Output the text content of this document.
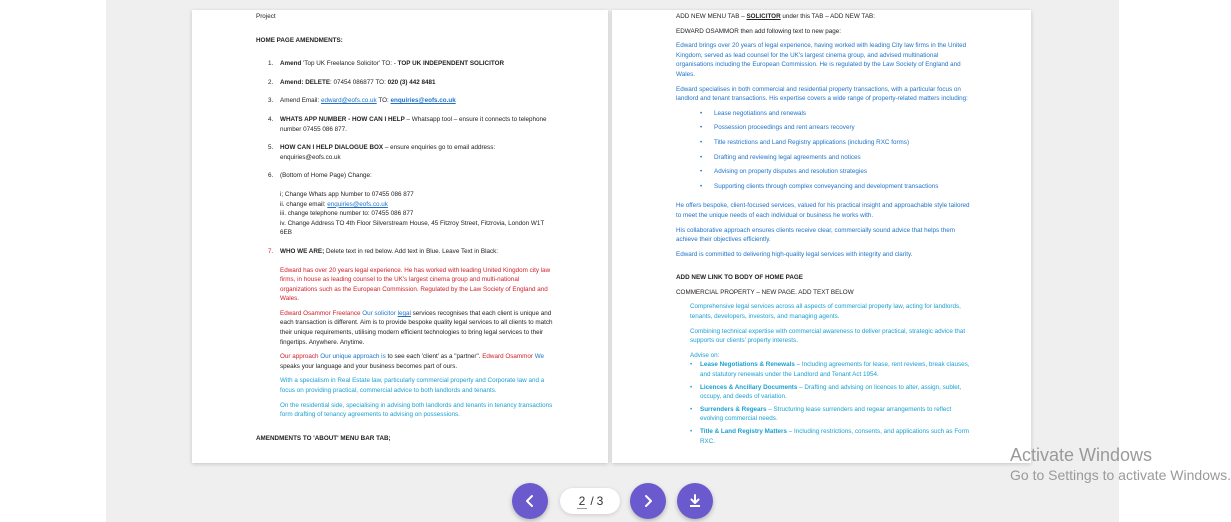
Project

HOME PAGE AMENDMENTS:

1. Amend 'Top UK Freelance Solicitor' TO: - TOP UK INDEPENDENT SOLICITOR
2. Amend: DELETE: 07454 086877 TO: 020 (3) 442 8481
3. Amend Email: edward@eofs.co.uk TO: enquiries@eofs.co.uk
4. WHATS APP NUMBER - HOW CAN I HELP – Whatsapp tool – ensure it connects to telephone number 07455 086 877.
5. HOW CAN I HELP DIALOGUE BOX – ensure enquiries go to email address: enquiries@eofs.co.uk
6. (Bottom of Home Page) Change:

i; Change Whats app Number to 07455 086 877

ii. change email: enquiries@eofs.co.uk

iii. change telephone number to: 07455 086 877

iv. Change Address TO 4th Floor Silverstream House, 45 Fitzroy Street, Fitzrovia, London W1T 6EB

7. WHO WE ARE; Delete text in red below. Add text in Blue. Leave Text in Black:

Edward has over 20 years legal experience. He has worked with leading United Kingdom city law firms, in house as leading counsel to the UK's largest cinema group and multi-national organizations such as the European Commission. Regulated by the Law Society of England and Wales.

Edward Osammor Freelance Our solicitor legal services recognises that each client is unique and each transaction is different. Aim is to provide bespoke quality legal services to all clients to match their unique requirements, utilising modern efficient technologies to bring legal services to their fingertips. Anywhere. Anytime.

Our approach Our unique approach is to see each 'client' as a "partner". Edward Osammor We speaks your language and your business becomes part of ours.

With a specialism in Real Estate law, particularly commercial property and Corporate law and a focus on providing practical, commercial advice to both landlords and tenants.

On the residential side, specialising in advising both landlords and tenants in tenancy transactions form drafting of tenancy agreements to advising on possessions.

AMENDMENTS TO 'ABOUT' MENU BAR TAB;

ADD NEW MENU TAB – SOLICITOR under this TAB – ADD NEW TAB:

EDWARD OSAMMOR then add following text to new page:

Edward brings over 20 years of legal experience, having worked with leading City law firms in the United Kingdom, served as lead counsel for the UK's largest cinema group, and advised multinational organisations including the European Commission. He is regulated by the Law Society of England and Wales.

Edward specialises in both commercial and residential property transactions, with a particular focus on landlord and tenant transactions. His expertise covers a wide range of property-related matters including:

• Lease negotiations and renewals
• Possession proceedings and rent arrears recovery
• Title restrictions and Land Registry applications (including RXC forms)
• Drafting and reviewing legal agreements and notices
• Advising on property disputes and resolution strategies
• Supporting clients through complex conveyancing and development transactions

He offers bespoke, client-focused services, valued for his practical insight and approachable style tailored to meet the unique needs of each individual or business he works with.

His collaborative approach ensures clients receive clear, commercially sound advice that helps them achieve their objectives efficiently.

Edward is committed to delivering high-quality legal services with integrity and clarity.

ADD NEW LINK TO BODY OF HOME PAGE

COMMERCIAL PROPERTY – NEW PAGE. ADD TEXT BELOW

Comprehensive legal services across all aspects of commercial property law, acting for landlords, tenants, developers, investors, and managing agents.

Combining technical expertise with commercial awareness to deliver practical, strategic advice that supports our clients' property interests.

Advise on:

• Lease Negotiations & Renewals – Including agreements for lease, rent reviews, break clauses, and statutory renewals under the Landlord and Tenant Act 1954.
• Licences & Ancillary Documents – Drafting and advising on licences to alter, assign, sublet, occupy, and deeds of variation.
• Surrenders & Regears – Structuring lease surrenders and regear arrangements to reflect evolving commercial needs.
• Title & Land Registry Matters – Including restrictions, consents, and applications such as Form RXC.
2 / 3
Activate Windows
Go to Settings to activate Windows.
